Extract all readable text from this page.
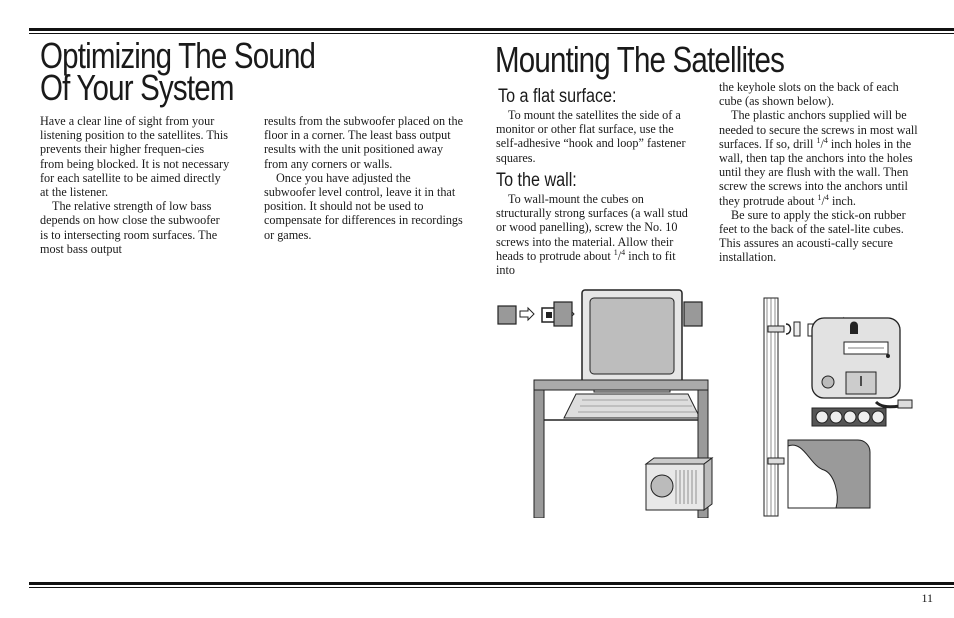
Optimizing The Sound
Of Your System

Have a clear line of sight from your listening position to the satellites. This prevents their higher frequen-cies from being blocked. It is not necessary for each satellite to be aimed directly at the listener.

The relative strength of low bass depends on how close the subwoofer is to intersecting room surfaces. The most bass output

results from the subwoofer placed on the floor in a corner. The least bass output results with the unit positioned away from any corners or walls.

Once you have adjusted the subwoofer level control, leave it in that position. It should not be used to compensate for differences in recordings or games.

Mounting The Satellites
To a flat surface:

To mount the satellites the side of a monitor or other flat surface, use the self-adhesive “hook and loop” fastener squares.

To the wall:

To wall-mount the cubes on structurally strong surfaces (a wall stud or wood panelling), screw the No. 10 screws into the material. Allow their heads to protrude about $^1$/$^4$ inch to fit into

the keyhole slots on the back of each cube (as shown below).

The plastic anchors supplied will be needed to secure the screws in most wall surfaces. If so, drill $^1$/$^4$ inch holes in the wall, then tap the anchors into the holes until they are flush with the wall. Then screw the screws into the anchors until they protrude about $^1$/$^4$ inch.

Be sure to apply the stick-on rubber feet to the back of the satel-lite cubes. This assures an acousti-cally secure installation.

11
